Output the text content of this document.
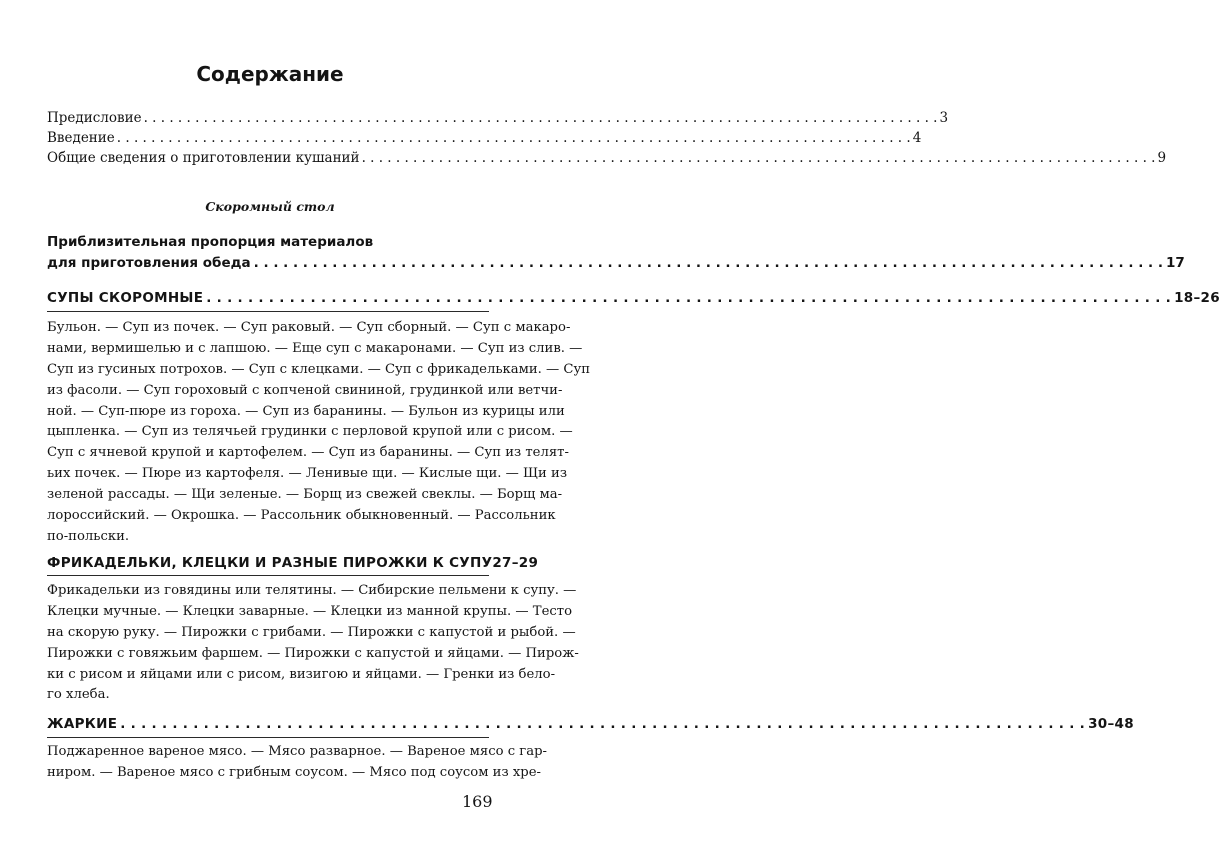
Содержание
Предисловие . . .	3
Введение . . .	4
Общие сведения о приготовлении кушаний . . .	9
Скоромный стол
Приблизительная пропорция материалов
для приготовления обеда . . .	17
СУПЫ СКОРОМНЫЕ . . .	18–26
Бульон. — Суп из почек. — Суп раковый. — Суп сборный. — Суп с макаро-
нами, вермишелью и с лапшою. — Еще суп с макаронами. — Суп из слив. —
Суп из гусиных потрохов. — Суп с клецками. — Суп с фрикадельками. — Суп
из фасоли. — Суп гороховый с копченой свининой, грудинкой или ветчи-
ной. — Суп-пюре из гороха. — Суп из баранины. — Бульон из курицы или
цыпленка. — Суп из телячьей грудинки с перловой крупой или с рисом. —
Суп с ячневой крупой и картофелем. — Суп из баранины. — Суп из телят-
ьих почек. — Пюре из картофеля. — Ленивые щи. — Кислые щи. — Щи из
зеленой рассады. — Щи зеленые. — Борщ из свежей свеклы. — Борщ ма-
лороссийский. — Окрошка. — Рассольник обыкновенный. — Рассольник
по-польски.
ФРИКАДЕЛЬКИ, КЛЕЦКИ И РАЗНЫЕ ПИРОЖКИ К СУПУ 27–29
Фрикадельки из говядины или телятины. — Сибирские пельмени к супу. —
Клецки мучные. — Клецки заварные. — Клецки из манной крупы. — Тесто
на скорую руку. — Пирожки с грибами. — Пирожки с капустой и рыбой. —
Пирожки с говяжьим фаршем. — Пирожки с капустой и яйцами. — Пирож-
ки с рисом и яйцами или с рисом, визигою и яйцами. — Гренки из бело-
го хлеба.
ЖАРКИЕ . . .	30–48
Поджаренное вареное мясо. — Мясо разварное. — Вареное мясо с гар-
ниром. — Вареное мясо с грибным соусом. — Мясо под соусом из хре-
169
